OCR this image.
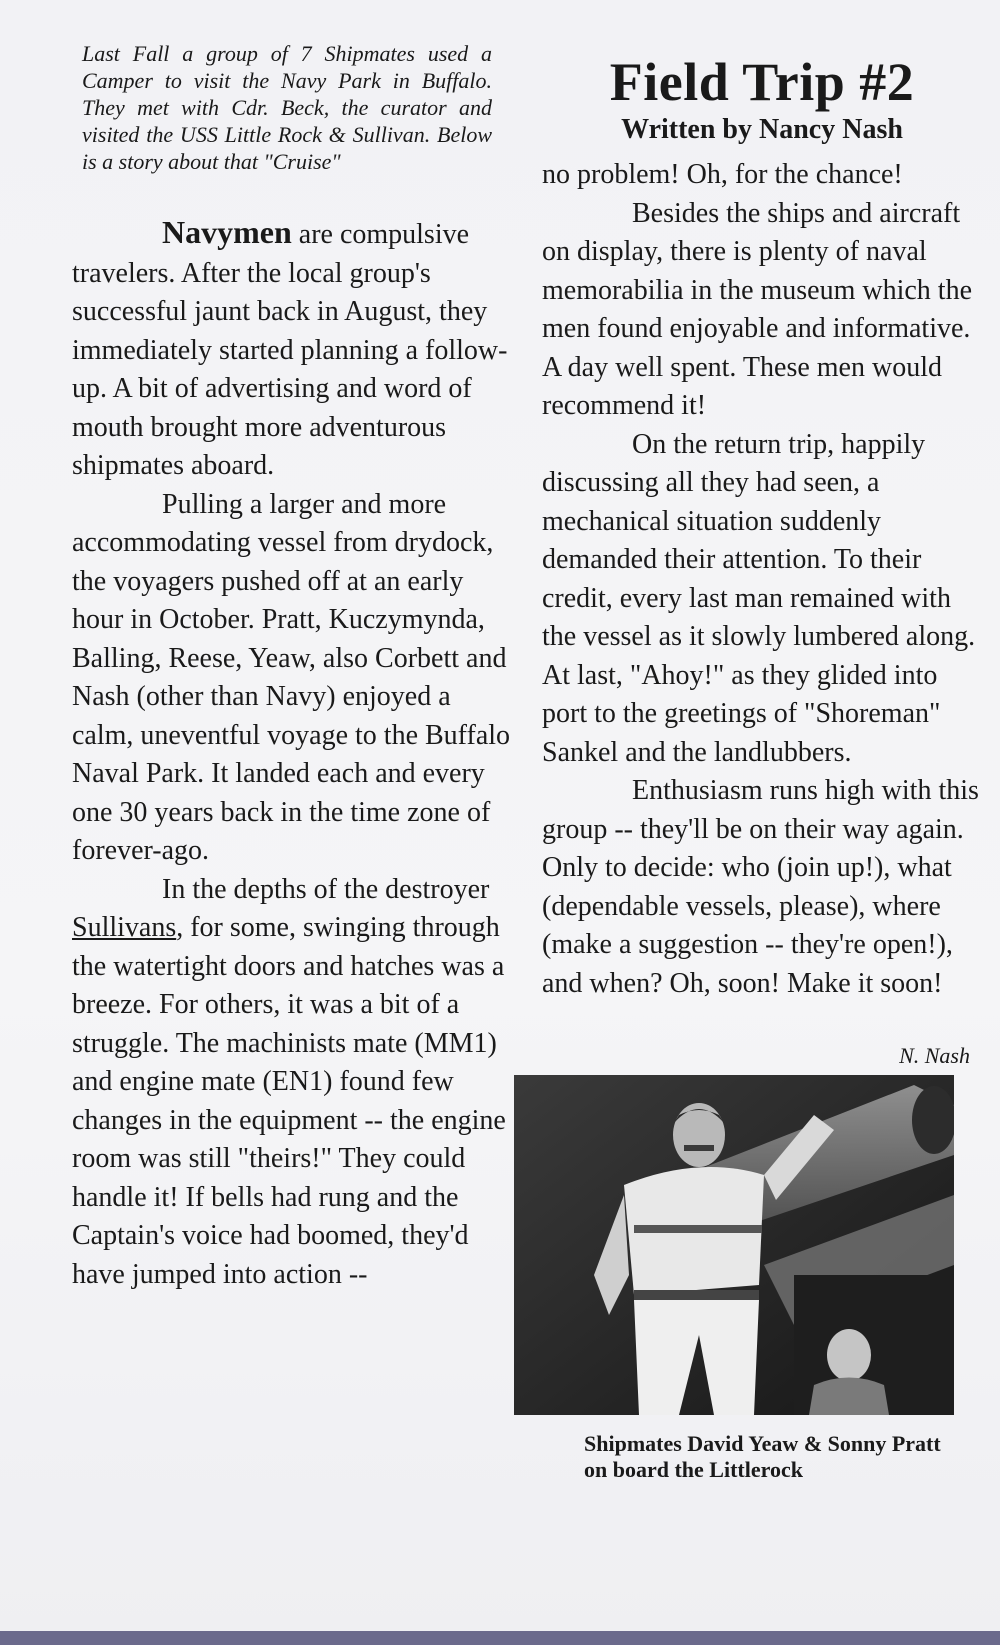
Last Fall a group of 7 Shipmates used a Camper to visit the Navy Park in Buffalo. They met with Cdr. Beck, the curator and visited the USS Little Rock & Sullivan. Below is a story about that "Cruise"

Navymen are compulsive travelers. After the local group's successful jaunt back in August, they immediately started planning a follow-up. A bit of advertising and word of mouth brought more adventurous shipmates aboard.

Pulling a larger and more accommodating vessel from drydock, the voyagers pushed off at an early hour in October. Pratt, Kuczymynda, Balling, Reese, Yeaw, also Corbett and Nash (other than Navy) enjoyed a calm, uneventful voyage to the Buffalo Naval Park. It landed each and every one 30 years back in the time zone of forever-ago.

In the depths of the destroyer Sullivans, for some, swinging through the watertight doors and hatches was a breeze. For others, it was a bit of a struggle. The machinists mate (MM1) and engine mate (EN1) found few changes in the equipment -- the engine room was still "theirs!" They could handle it! If bells had rung and the Captain's voice had boomed, they'd have jumped into action --

Field Trip #2
Written by Nancy Nash

no problem! Oh, for the chance!

Besides the ships and aircraft on display, there is plenty of naval memorabilia in the museum which the men found enjoyable and informative. A day well spent. These men would recommend it!

On the return trip, happily discussing all they had seen, a mechanical situation suddenly demanded their attention. To their credit, every last man remained with the vessel as it slowly lumbered along. At last, "Ahoy!" as they glided into port to the greetings of "Shoreman" Sankel and the landlubbers.

Enthusiasm runs high with this group -- they'll be on their way again. Only to decide: who (join up!), what (dependable vessels, please), where (make a suggestion -- they're open!), and when? Oh, soon! Make it soon!

N. Nash
Shipmates David Yeaw & Sonny Pratt on board the Littlerock
